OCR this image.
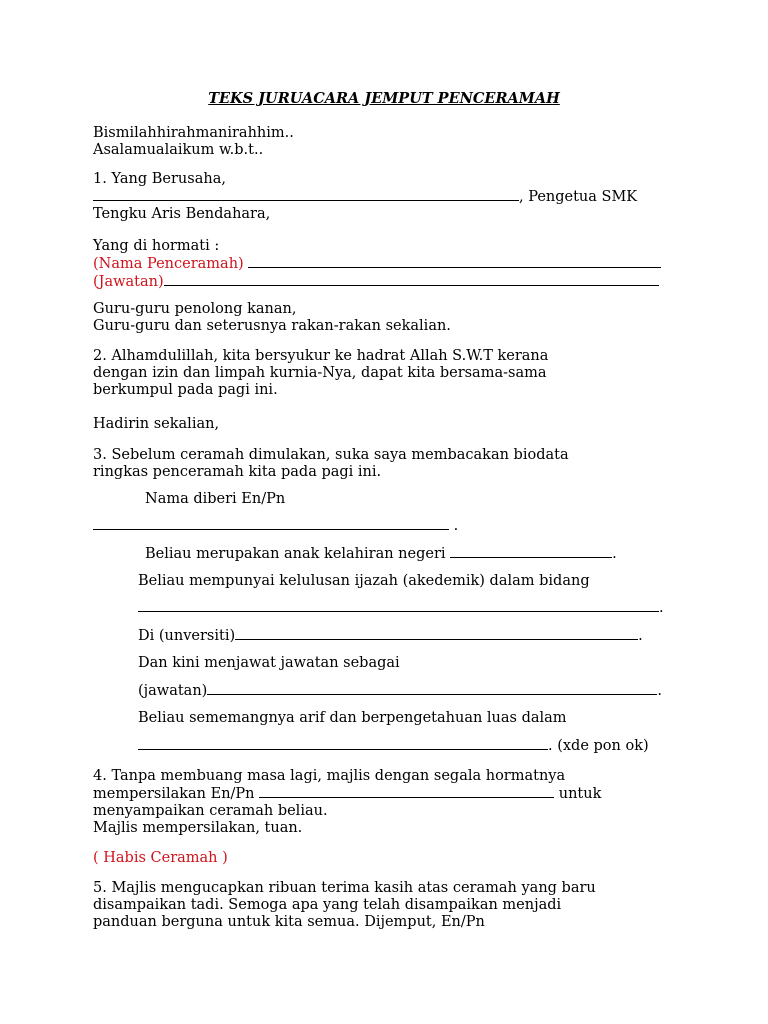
TEKS JURUACARA JEMPUT PENCERAMAH
Bismilahhirahmanirahhim..
Asalamualaikum w.b.t..
1. Yang Berusaha,
, Pengetua SMK
Tengku Aris Bendahara,
Yang di hormati :
(Nama Penceramah)
(Jawatan)
Guru-guru penolong kanan,
Guru-guru dan seterusnya rakan-rakan sekalian.
2. Alhamdulillah, kita bersyukur ke hadrat Allah S.W.T kerana
dengan izin dan limpah kurnia-Nya, dapat kita bersama-sama
berkumpul pada pagi ini.
Hadirin sekalian,
3. Sebelum ceramah dimulakan, suka saya membacakan biodata
ringkas penceramah kita pada pagi ini.
Nama diberi En/Pn
.
Beliau merupakan anak kelahiran negeri	.
Beliau mempunyai kelulusan ijazah (akedemik) dalam bidang
.
Di (unversiti)	.
Dan kini menjawat jawatan sebagai
(jawatan)	.
Beliau sememangnya arif dan berpengetahuan luas dalam
. (xde pon ok)
4. Tanpa membuang masa lagi, majlis dengan segala hormatnya
mempersilakan En/Pn	untuk
menyampaikan ceramah beliau.
Majlis mempersilakan, tuan.
( Habis Ceramah )
5. Majlis mengucapkan ribuan terima kasih atas ceramah yang baru
disampaikan tadi. Semoga apa yang telah disampaikan menjadi
panduan berguna untuk kita semua. Dijemput, En/Pn
